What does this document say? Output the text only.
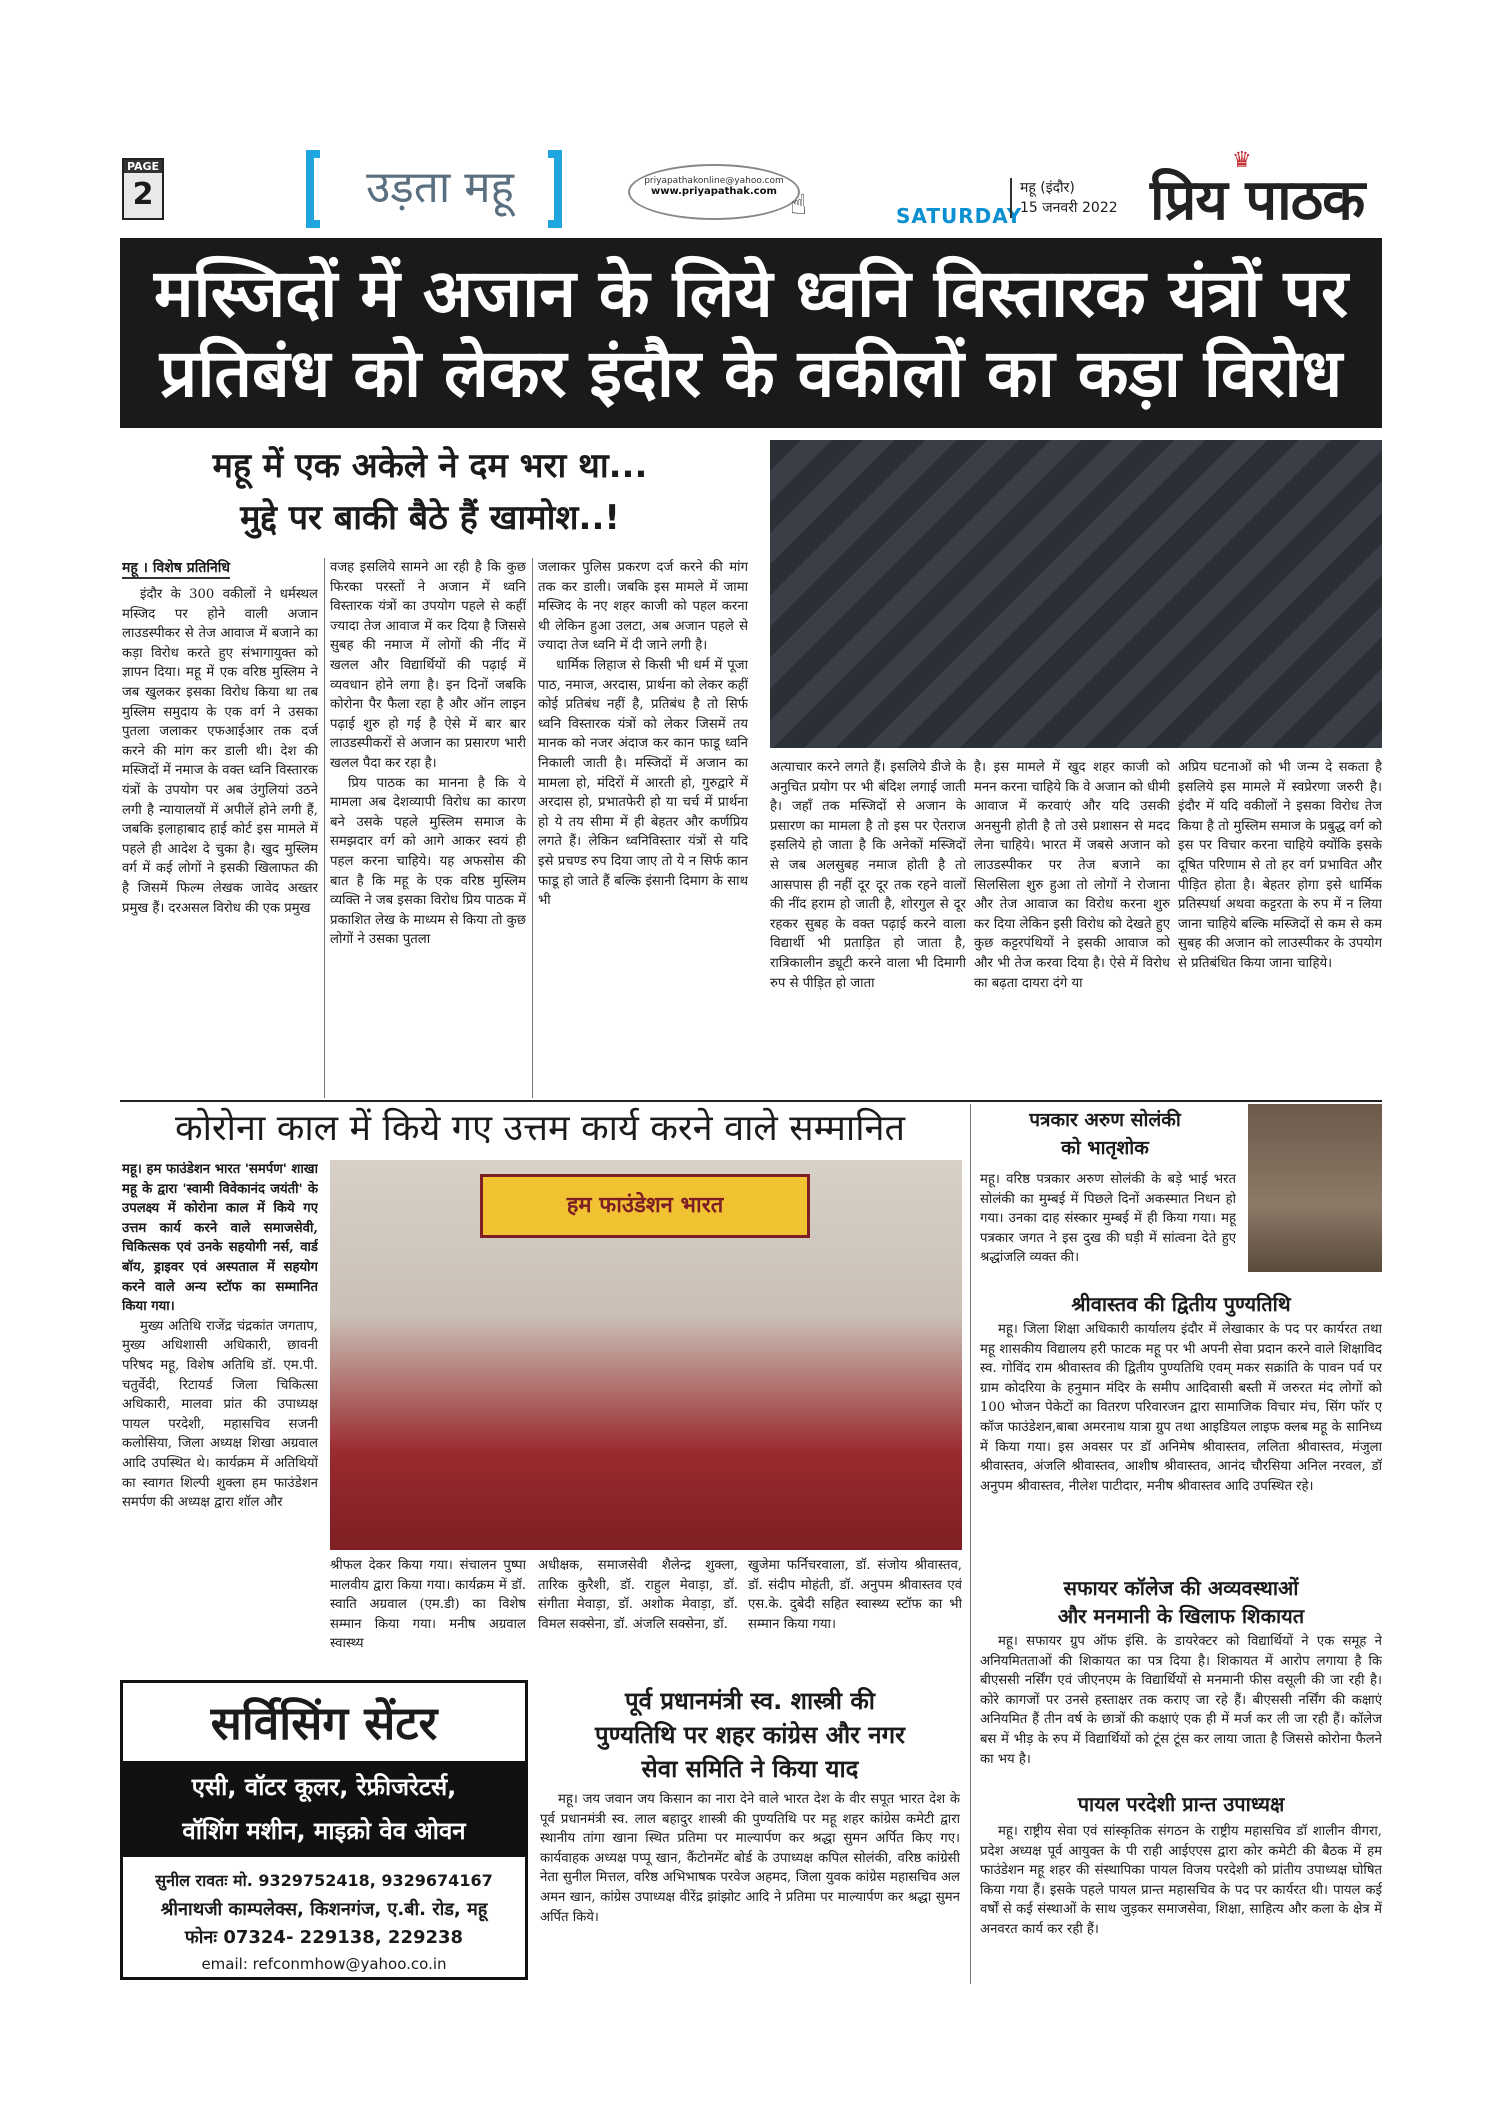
PAGE
2	उड़ता महू	priyapathakonline@yahoo.com
www.priyapathak.com ☝	SATURDAY
महू (इंदौर)
15 जनवरी 2022
♛
प्रिय पाठक
मस्जिदों में अजान के लिये ध्वनि विस्तारक यंत्रों पर
प्रतिबंध को लेकर इंदौर के वकीलों का कड़ा विरोध
महू में एक अकेले ने दम भरा था...
मुद्दे पर बाकी बैठे हैं खामोश..!
महू । विशेष प्रतिनिधि

इंदौर के 300 वकीलों ने धर्मस्थल मस्जिद पर होने वाली अजान लाउडस्पीकर से तेज आवाज में बजाने का कड़ा विरोध करते हुए संभागायुक्त को ज्ञापन दिया। महू में एक वरिष्ठ मुस्लिम ने जब खुलकर इसका विरोध किया था तब मुस्लिम समुदाय के एक वर्ग ने उसका पुतला जलाकर एफआईआर तक दर्ज करने की मांग कर डाली थी। देश की मस्जिदों में नमाज के वक्त ध्वनि विस्तारक यंत्रों के उपयोग पर अब उंगुलियां उठने लगी है न्यायालयों में अपीलें होने लगी हैं, जबकि इलाहाबाद हाई कोर्ट इस मामले में पहले ही आदेश दे चुका है। खुद मुस्लिम वर्ग में कई लोगों ने इसकी खिलाफत की है जिसमें फिल्म लेखक जावेद अख्तर प्रमुख हैं। दरअसल विरोध की एक प्रमुख

वजह इसलिये सामने आ रही है कि कुछ फिरका परस्तों ने अजान में ध्वनि विस्तारक यंत्रों का उपयोग पहले से कहीं ज्यादा तेज आवाज में कर दिया है जिससे सुबह की नमाज में लोगों की नींद में खलल और विद्यार्थियों की पढ़ाई में व्यवधान होने लगा है। इन दिनों जबकि कोरोना पैर फैला रहा है और ऑन लाइन पढ़ाई शुरु हो गई है ऐसे में बार बार लाउडस्पीकरों से अजान का प्रसारण भारी खलल पैदा कर रहा है।

प्रिय पाठक का मानना है कि ये मामला अब देशव्यापी विरोध का कारण बने उसके पहले मुस्लिम समाज के समझदार वर्ग को आगे आकर स्वयं ही पहल करना चाहिये। यह अफसोस की बात है कि महू के एक वरिष्ठ मुस्लिम व्यक्ति ने जब इसका विरोध प्रिय पाठक में प्रकाशित लेख के माध्यम से किया तो कुछ लोगों ने उसका पुतला

जलाकर पुलिस प्रकरण दर्ज करने की मांग तक कर डाली। जबकि इस मामले में जामा मस्जिद के नए शहर काजी को पहल करना थी लेकिन हुआ उलटा, अब अजान पहले से ज्यादा तेज ध्वनि में दी जाने लगी है।

धार्मिक लिहाज से किसी भी धर्म में पूजा पाठ, नमाज, अरदास, प्रार्थना को लेकर कहीं कोई प्रतिबंध नहीं है, प्रतिबंध है तो सिर्फ ध्वनि विस्तारक यंत्रों को लेकर जिसमें तय मानक को नजर अंदाज कर कान फाडू ध्वनि निकाली जाती है। मस्जिदों में अजान का मामला हो, मंदिरों में आरती हो, गुरुद्वारे में अरदास हो, प्रभातफेरी हो या चर्च में प्रार्थना हो ये तय सीमा में ही बेहतर और कर्णप्रिय लगते हैं। लेकिन ध्वनिविस्तार यंत्रों से यदि इसे प्रचण्ड रुप दिया जाए तो ये न सिर्फ कान फाडू हो जाते हैं बल्कि इंसानी दिमाग के साथ भी

अत्याचार करने लगते हैं। इसलिये डीजे के अनुचित प्रयोग पर भी बंदिश लगाई जाती है। जहाँ तक मस्जिदों से अजान के प्रसारण का मामला है तो इस पर ऐतराज इसलिये हो जाता है कि अनेकों मस्जिदों से जब अलसुबह नमाज होती है तो आसपास ही नहीं दूर दूर तक रहने वालों की नींद हराम हो जाती है, शोरगुल से दूर रहकर सुबह के वक्त पढ़ाई करने वाला विद्यार्थी भी प्रताड़ित हो जाता है, रात्रिकालीन ड्यूटी करने वाला भी दिमागी रुप से पीड़ित हो जाता

है। इस मामले में खुद शहर काजी को मनन करना चाहिये कि वे अजान को धीमी आवाज में करवाएं और यदि उसकी अनसुनी होती है तो उसे प्रशासन से मदद लेना चाहिये। भारत में जबसे अजान को लाउडस्पीकर पर तेज बजाने का सिलसिला शुरु हुआ तो लोगों ने रोजाना और तेज आवाज का विरोध करना शुरु कर दिया लेकिन इसी विरोध को देखते हुए कुछ कट्टरपंथियों ने इसकी आवाज को और भी तेज करवा दिया है। ऐसे में विरोध का बढ़ता दायरा दंगे या

अप्रिय घटनाओं को भी जन्म दे सकता है इसलिये इस मामले में स्वप्रेरणा जरुरी है। इंदौर में यदि वकीलों ने इसका विरोध तेज किया है तो मुस्लिम समाज के प्रबुद्ध वर्ग को इस पर विचार करना चाहिये क्योंकि इसके दूषित परिणाम से तो हर वर्ग प्रभावित और पीड़ित होता है। बेहतर होगा इसे धार्मिक प्रतिस्पर्धा अथवा कट्टरता के रुप में न लिया जाना चाहिये बल्कि मस्जिदों से कम से कम सुबह की अजान को लाउस्पीकर के उपयोग से प्रतिबंधित किया जाना चाहिये।

कोरोना काल में किये गए उत्तम कार्य करने वाले सम्मानित

महू। हम फाउंडेशन भारत 'समर्पण' शाखा महू के द्वारा 'स्वामी विवेकानंद जयंती' के उपलक्ष्य में कोरोना काल में किये गए उत्तम कार्य करने वाले समाजसेवी, चिकित्सक एवं उनके सहयोगी नर्स, वार्ड बॉय, ड्राइवर एवं अस्पताल में सहयोग करने वाले अन्य स्टॉफ का सम्मानित किया गया।

मुख्य अतिथि राजेंद्र चंद्रकांत जगताप, मुख्य अधिशासी अधिकारी, छावनी परिषद महू, विशेष अतिथि डॉ. एम.पी. चतुर्वेदी, रिटायर्ड जिला चिकित्सा अधिकारी, मालवा प्रांत की उपाध्यक्ष पायल परदेशी, महासचिव सजनी कलोसिया, जिला अध्यक्ष शिखा अग्रवाल आदि उपस्थित थे। कार्यक्रम में अतिथियों का स्वागत शिल्पी शुक्ला हम फाउंडेशन समर्पण की अध्यक्ष द्वारा शॉल और

हम फाउंडेशन भारत

श्रीफल देकर किया गया। संचालन पुष्पा मालवीय द्वारा किया गया। कार्यक्रम में डॉ. स्वाति अग्रवाल (एम.डी) का विशेष सम्मान किया गया। मनीष अग्रवाल स्वास्थ्य

अधीक्षक, समाजसेवी शैलेन्द्र शुक्ला, तारिक कुरैशी, डॉ. राहुल मेवाड़ा, डॉ. संगीता मेवाड़ा, डॉ. अशोक मेवाड़ा, डॉ. विमल सक्सेना, डॉ. अंजलि सक्सेना, डॉ.

खुजेमा फर्निचरवाला, डॉ. संजोय श्रीवास्तव, डॉ. संदीप मोहंती, डॉ. अनुपम श्रीवास्तव एवं एस.के. दुबेदी सहित स्वास्थ्य स्टॉफ का भी सम्मान किया गया।

पत्रकार अरुण सोलंकी
को भातृशोक

महू। वरिष्ठ पत्रकार अरुण सोलंकी के बड़े भाई भरत सोलंकी का मुम्बई में पिछले दिनों अकस्मात निधन हो गया। उनका दाह संस्कार मुम्बई में ही किया गया। महू पत्रकार जगत ने इस दुख की घड़ी में सांत्वना देते हुए श्रद्धांजलि व्यक्त की।

श्रीवास्तव की द्वितीय पुण्यतिथि

महू। जिला शिक्षा अधिकारी कार्यालय इंदौर में लेखाकार के पद पर कार्यरत तथा महू शासकीय विद्यालय हरी फाटक महू पर भी अपनी सेवा प्रदान करने वाले शिक्षाविद स्व. गोविंद राम श्रीवास्तव की द्वितीय पुण्यतिथि एवम् मकर सक्रांति के पावन पर्व पर ग्राम कोदरिया के हनुमान मंदिर के समीप आदिवासी बस्ती में जरुरत मंद लोगों को 100 भोजन पेकेटों का वितरण परिवारजन द्वारा सामाजिक विचार मंच, सिंग फॉर ए कॉज फाउंडेशन,बाबा अमरनाथ यात्रा ग्रुप तथा आइडियल लाइफ क्लब महू के सानिध्य में किया गया। इस अवसर पर डॉ अनिमेष श्रीवास्तव, ललिता श्रीवास्तव, मंजुला श्रीवास्तव, अंजलि श्रीवास्तव, आशीष श्रीवास्तव, आनंद चौरसिया अनिल नरवल, डॉ अनुपम श्रीवास्तव, नीलेश पाटीदार, मनीष श्रीवास्तव आदि उपस्थित रहे।

सफायर कॉलेज की अव्यवस्थाओं
और मनमानी के खिलाफ शिकायत

महू। सफायर ग्रुप ऑफ इंसि. के डायरेक्टर को विद्यार्थियों ने एक समूह ने अनियमितताओं की शिकायत का पत्र दिया है। शिकायत में आरोप लगाया है कि बीएससी नर्सिंग एवं जीएनएम के विद्यार्थियों से मनमानी फीस वसूली की जा रही है। कोरे कागजों पर उनसे हस्ताक्षर तक कराए जा रहे हैं। बीएससी नर्सिंग की कक्षाएं अनियमित हैं तीन वर्ष के छात्रों की कक्षाएं एक ही में मर्ज कर ली जा रही हैं। कॉलेज बस में भीड़ के रुप में विद्यार्थियों को टूंस टूंस कर लाया जाता है जिससे कोरोना फैलने का भय है।

पायल परदेशी प्रान्त उपाध्यक्ष

महू। राष्ट्रीय सेवा एवं सांस्कृतिक संगठन के राष्ट्रीय महासचिव डॉ शालीन वीगरा, प्रदेश अध्यक्ष पूर्व आयुक्त के पी राही आईएएस द्वारा कोर कमेटी की बैठक में हम फाउंडेशन महू शहर की संस्थापिका पायल विजय परदेशी को प्रांतीय उपाध्यक्ष घोषित किया गया हैं। इसके पहले पायल प्रान्त महासचिव के पद पर कार्यरत थी। पायल कई वर्षों से कई संस्थाओं के साथ जुड़कर समाजसेवा, शिक्षा, साहित्य और कला के क्षेत्र में अनवरत कार्य कर रही हैं।

सर्विसिंग सेंटर
एसी, वॉटर कूलर, रेफ्रीजरेटर्स,
वॉशिंग मशीन, माइक्रो वेव ओवन
सुनील रावतः मो. 9329752418, 9329674167
श्रीनाथजी काम्पलेक्स, किशनगंज, ए.बी. रोड, महू
फोनः 07324- 229138, 229238
email: refconmhow@yahoo.co.in
पूर्व प्रधानमंत्री स्व. शास्त्री की
पुण्यतिथि पर शहर कांग्रेस और नगर
सेवा समिति ने किया याद

महू। जय जवान जय किसान का नारा देने वाले भारत देश के वीर सपूत भारत देश के पूर्व प्रधानमंत्री स्व. लाल बहादुर शास्त्री की पुण्यतिथि पर महू शहर कांग्रेस कमेटी द्वारा स्थानीय तांगा खाना स्थित प्रतिमा पर माल्यार्पण कर श्रद्धा सुमन अर्पित किए गए। कार्यवाहक अध्यक्ष पप्पू खान, कैंटोनमेंट बोर्ड के उपाध्यक्ष कपिल सोलंकी, वरिष्ठ कांग्रेसी नेता सुनील मित्तल, वरिष्ठ अभिभाषक परवेज अहमद, जिला युवक कांग्रेस महासचिव अल अमन खान, कांग्रेस उपाध्यक्ष वीरेंद्र झांझोट आदि ने प्रतिमा पर माल्यार्पण कर श्रद्धा सुमन अर्पित किये।
